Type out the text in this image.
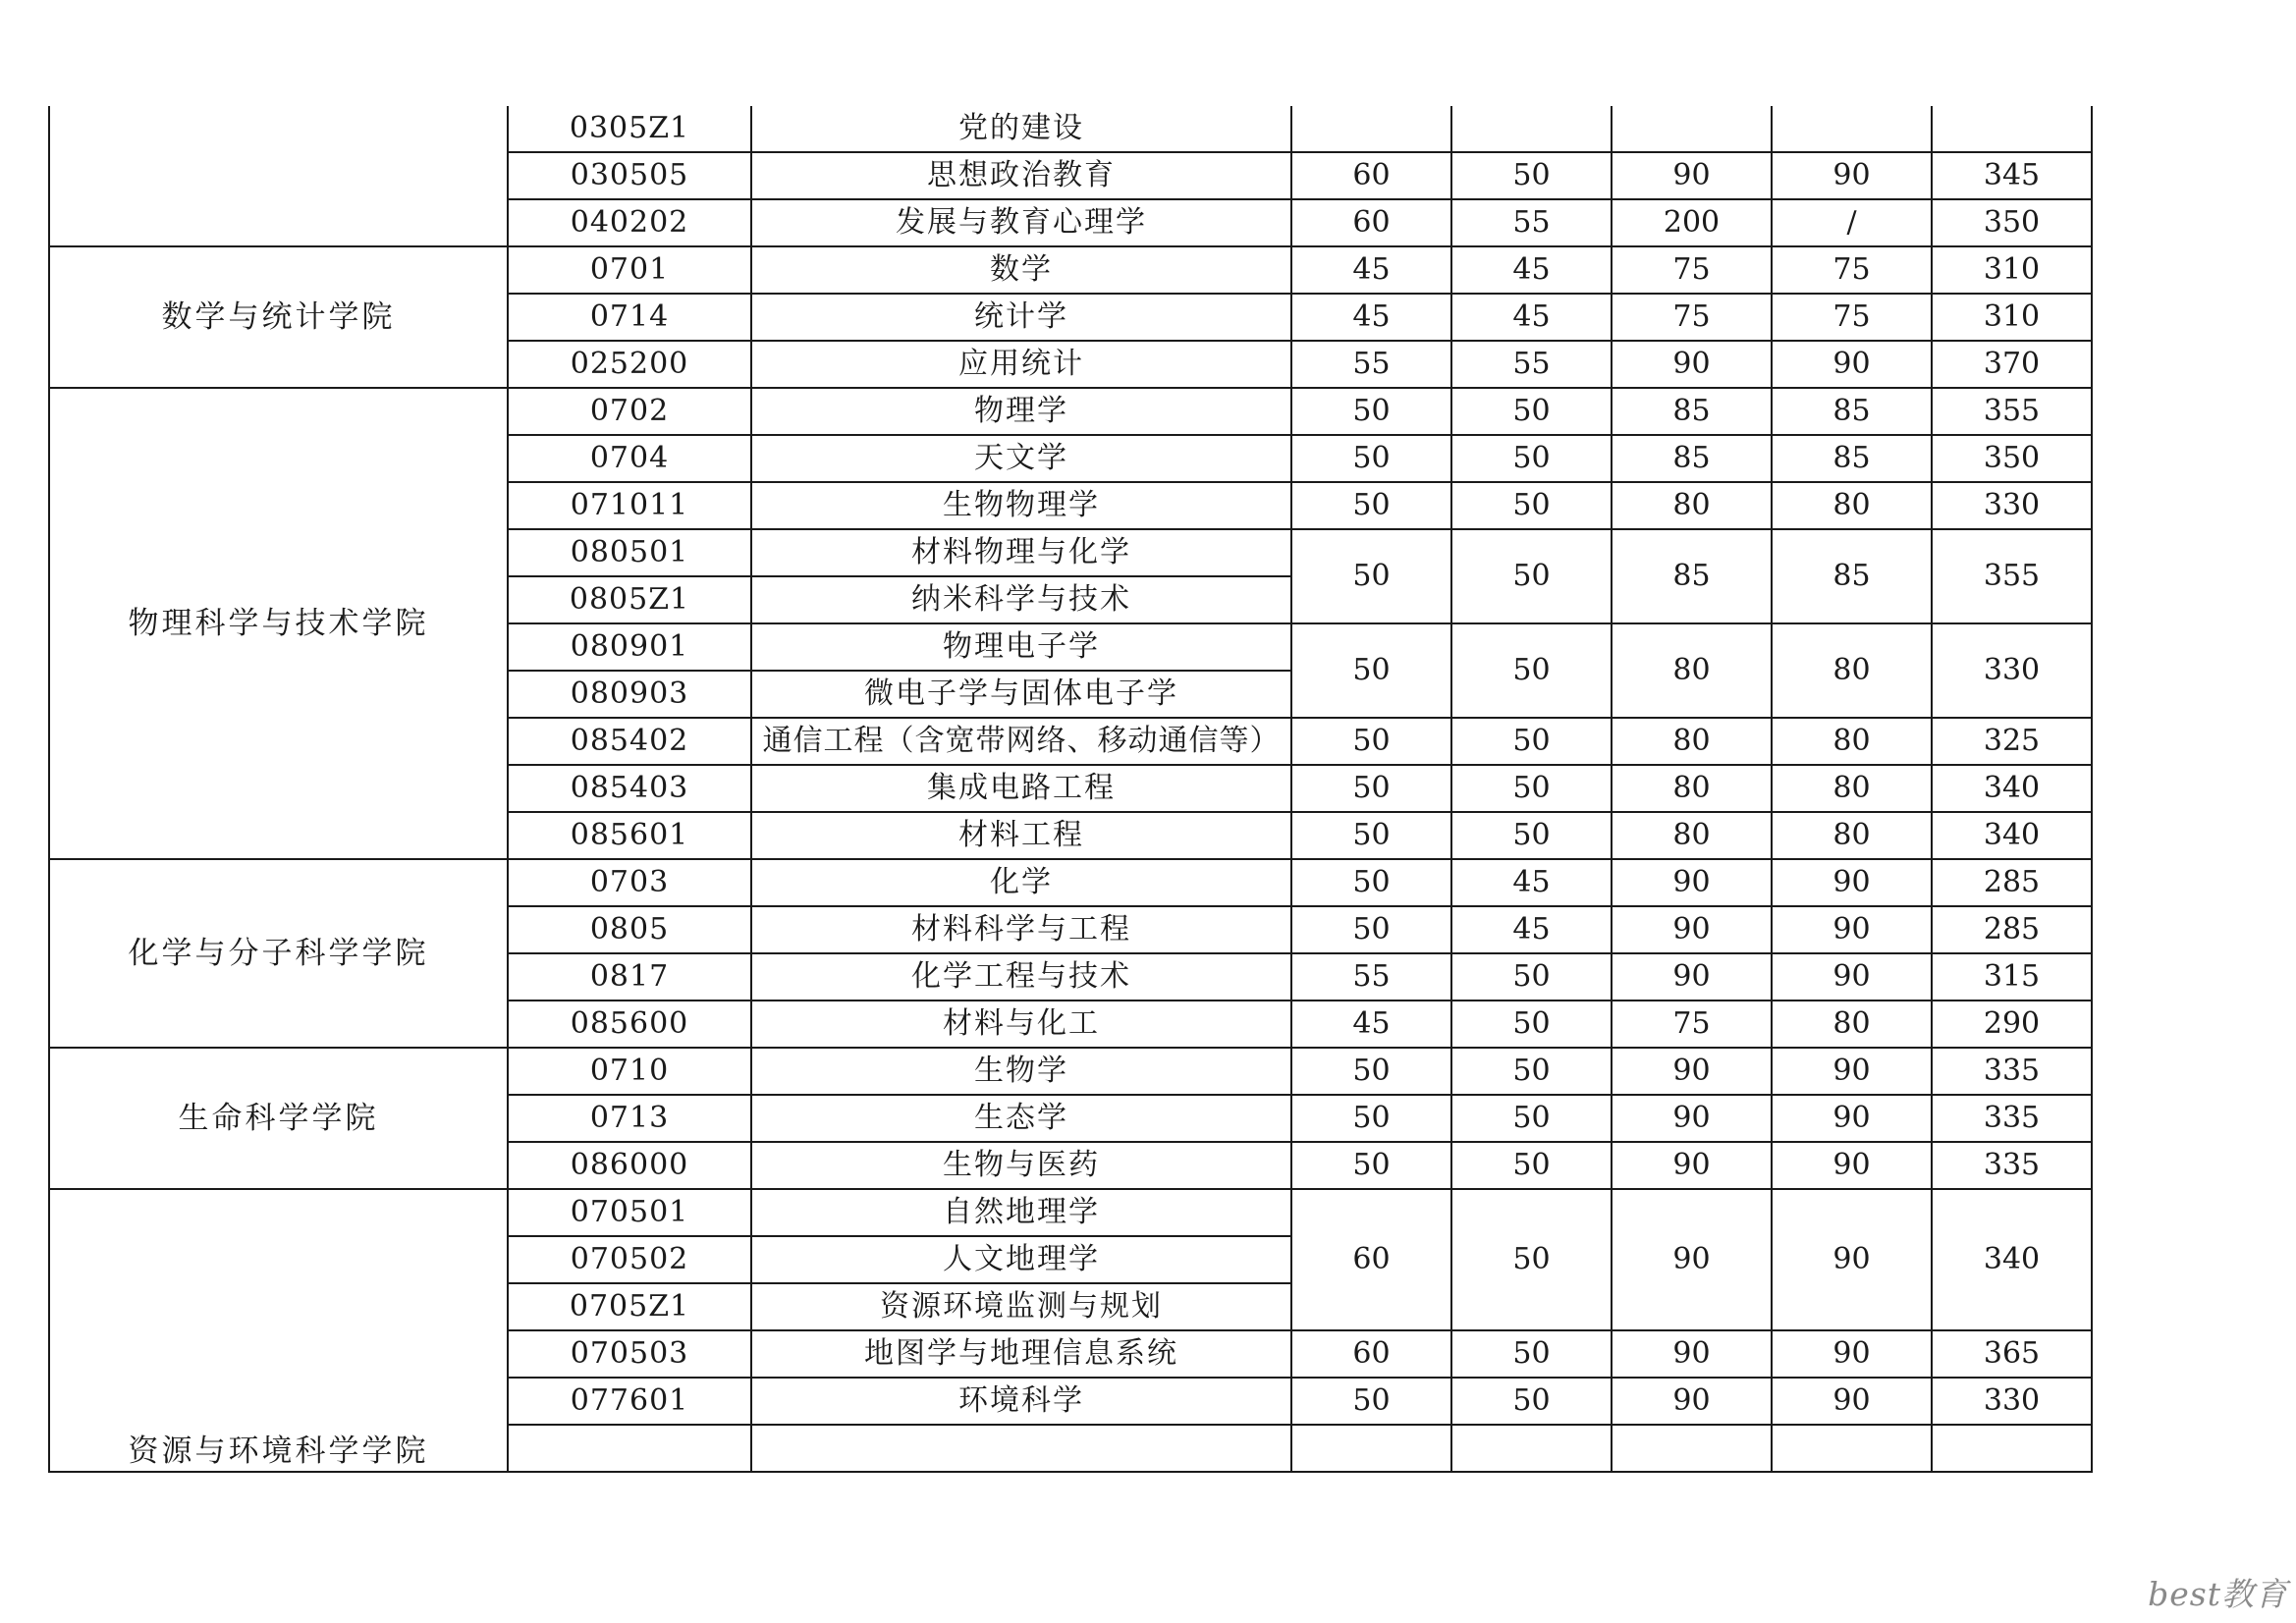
	0305Z1	党的建设					
	030505	思想政治教育	60	50	90	90	345
	040202	发展与教育心理学	60	55	200	/	350
数学与统计学院	0701	数学	45	45	75	75	310
	0714	统计学	45	45	75	75	310
	025200	应用统计	55	55	90	90	370
物理科学与技术学院	0702	物理学	50	50	85	85	355
	0704	天文学	50	50	85	85	350
	071011	生物物理学	50	50	80	80	330
	080501	材料物理与化学	50	50	85	85	355
	0805Z1	纳米科学与技术					
	080901	物理电子学	50	50	80	80	330
	080903	微电子学与固体电子学					
	085402	通信工程（含宽带网络、移动通信等）	50	50	80	80	325
	085403	集成电路工程	50	50	80	80	340
	085601	材料工程	50	50	80	80	340
化学与分子科学学院	0703	化学	50	45	90	90	285
	0805	材料科学与工程	50	45	90	90	285
	0817	化学工程与技术	55	50	90	90	315
	085600	材料与化工	45	50	75	80	290
生命科学学院	0710	生物学	50	50	90	90	335
	0713	生态学	50	50	90	90	335
	086000	生物与医药	50	50	90	90	335
资源与环境科学学院	070501	自然地理学	60	50	90	90	340
	070502	人文地理学					
	0705Z1	资源环境监测与规划					
	070503	地图学与地理信息系统	60	50	90	90	365
	077601	环境科学	50	50	90	90	330

best教育
